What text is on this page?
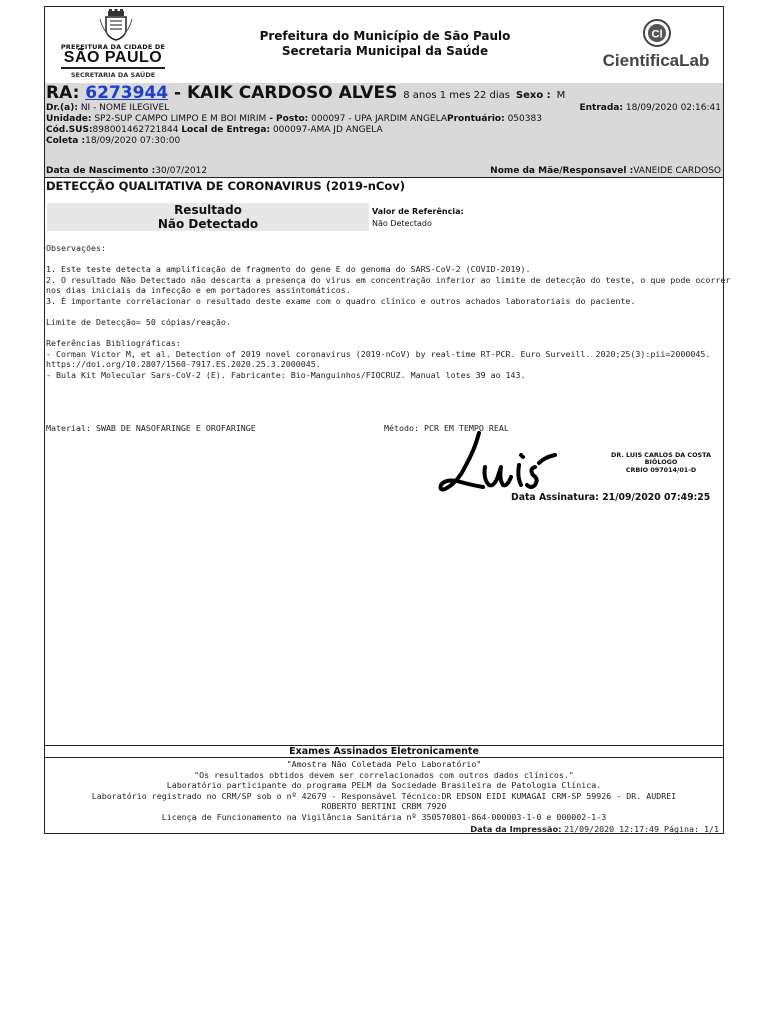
PREFEITURA DA CIDADE DE
SÃO PAULO
SECRETARIA DA SAÚDE
Prefeitura do Município de São Paulo
Secretaria Municipal da Saúde
Cl
CientificaLab
RA: 6273944 - KAIK CARDOSO ALVES 8 anos 1 mes 22 dias Sexo : M
Dr.(a): NI - NOME ILEGIVEL	Entrada: 18/09/2020 02:16:41
Unidade: SP2-SUP CAMPO LIMPO E M BOI MIRIM - Posto: 000097 - UPA JARDIM ANGELAProntuário: 050383
Cód.SUS:898001462721844 Local de Entrega: 000097-AMA JD ANGELA
Coleta :18/09/2020 07:30:00
Data de Nascimento :30/07/2012	Nome da Mãe/Responsavel :VANEIDE CARDOSO
DETECÇÃO QUALITATIVA DE CORONAVIRUS (2019-nCov)
Resultado
Não Detectado
Valor de Referência:
Não Detectado
Observações:
1. Este teste detecta a amplificação de fragmento do gene E do genoma do SARS-CoV-2 (COVID-2019).
2. O resultado Não Detectado não descarta a presença do vírus em concentração inferior ao limite de detecção do teste, o que pode ocorrer
nos dias iniciais da infecção e em portadores assintomáticos.
3. É importante correlacionar o resultado deste exame com o quadro clínico e outros achados laboratoriais do paciente.
Limite de Detecção= 50 cópias/reação.
Referências Bibliográficas:
- Corman Victor M, et al. Detection of 2019 novel coronavirus (2019-nCoV) by real-time RT-PCR. Euro Surveill. 2020;25(3):pii=2000045.
https://doi.org/10.2807/1560-7917.ES.2020.25.3.2000045.
- Bula Kit Molecular Sars-CoV-2 (E). Fabricante: Bio-Manguinhos/FIOCRUZ. Manual lotes 39 ao 143.
Material: SWAB DE NASOFARINGE E OROFARINGE	Método: PCR EM TEMPO REAL
DR. LUIS CARLOS DA COSTA
BIÓLOGO
CRBIO 097014/01-D
Data Assinatura: 21/09/2020 07:49:25
Exames Assinados Eletronicamente
"Amostra Não Coletada Pelo Laboratório"
"Os resultados obtidos devem ser correlacionados com outros dados clínicos."
Laboratório participante do programa PELM da Sociedade Brasileira de Patologia Clínica.
Laboratório registrado no CRM/SP sob o nº 42679 - Responsável Técnico:DR EDSON EIDI KUMAGAI CRM-SP 59926 - DR. AUDREI
ROBERTO BERTINI CRBM 7920
Licença de Funcionamento na Vigilância Sanitária nº 350570801-864-000003-1-0 e 000002-1-3
Data da Impressão: 21/09/2020 12:17:49 Página: 1/1
